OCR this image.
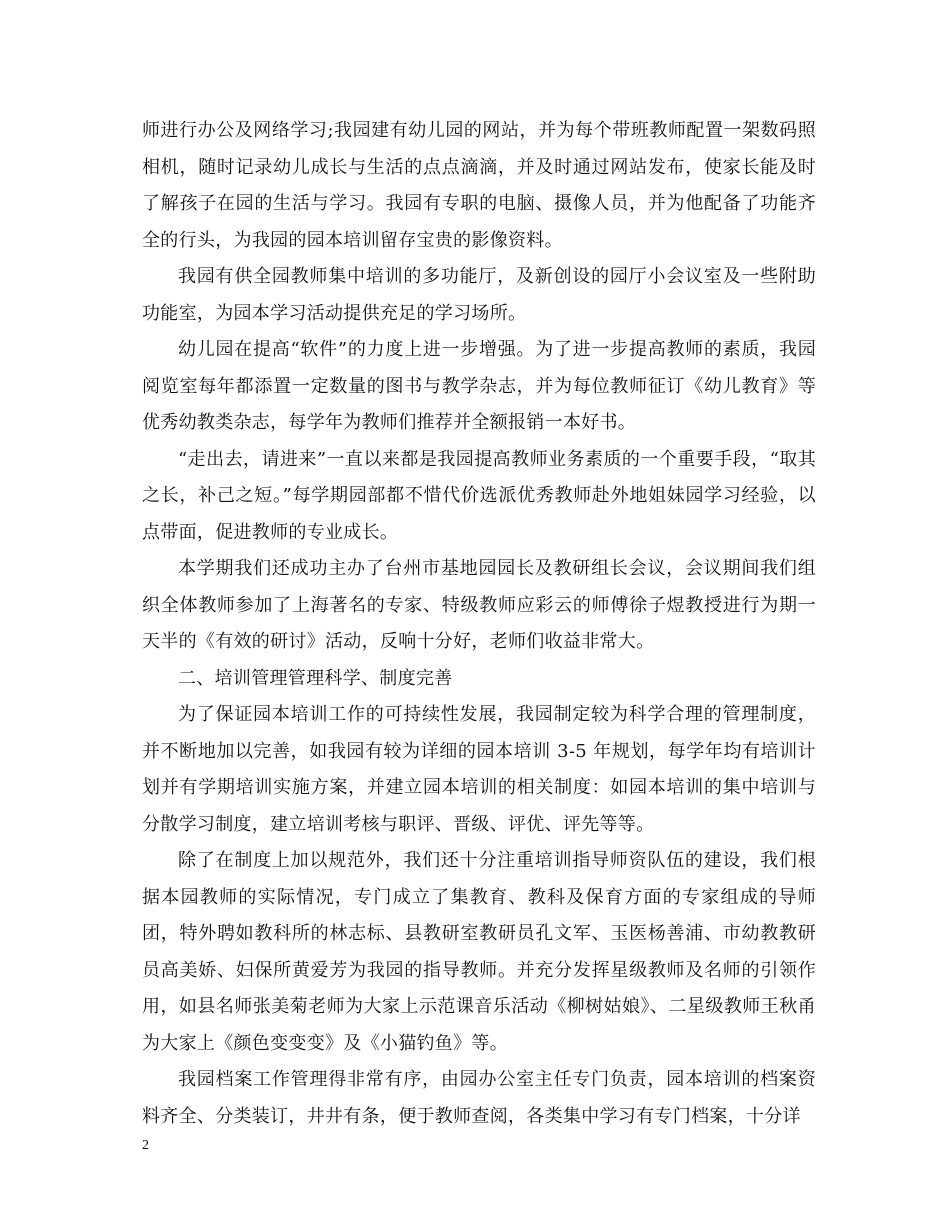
师进行办公及网络学习;我园建有幼儿园的网站，并为每个带班教师配置一架数码照相机，随时记录幼儿成长与生活的点点滴滴，并及时通过网站发布，使家长能及时了解孩子在园的生活与学习。我园有专职的电脑、摄像人员，并为他配备了功能齐全的行头，为我园的园本培训留存宝贵的影像资料。

我园有供全园教师集中培训的多功能厅，及新创设的园厅小会议室及一些附助功能室，为园本学习活动提供充足的学习场所。

幼儿园在提高“软件”的力度上进一步增强。为了进一步提高教师的素质，我园阅览室每年都添置一定数量的图书与教学杂志，并为每位教师征订《幼儿教育》等优秀幼教类杂志，每学年为教师们推荐并全额报销一本好书。

“走出去，请进来”一直以来都是我园提高教师业务素质的一个重要手段，“取其之长，补己之短。”每学期园部都不惜代价选派优秀教师赴外地姐妹园学习经验，以点带面，促进教师的专业成长。

本学期我们还成功主办了台州市基地园园长及教研组长会议，会议期间我们组织全体教师参加了上海著名的专家、特级教师应彩云的师傅徐子煜教授进行为期一天半的《有效的研讨》活动，反响十分好，老师们收益非常大。

二、培训管理管理科学、制度完善

为了保证园本培训工作的可持续性发展，我园制定较为科学合理的管理制度，并不断地加以完善，如我园有较为详细的园本培训 3-5 年规划，每学年均有培训计划并有学期培训实施方案，并建立园本培训的相关制度：如园本培训的集中培训与分散学习制度，建立培训考核与职评、晋级、评优、评先等等。

除了在制度上加以规范外，我们还十分注重培训指导师资队伍的建设，我们根据本园教师的实际情况，专门成立了集教育、教科及保育方面的专家组成的导师团，特外聘如教科所的林志标、县教研室教研员孔文军、玉医杨善浦、市幼教教研员高美娇、妇保所黄爱芳为我园的指导教师。并充分发挥星级教师及名师的引领作用，如县名师张美菊老师为大家上示范课音乐活动《柳树姑娘》、二星级教师王秋甬为大家上《颜色变变变》及《小猫钓鱼》等。

我园档案工作管理得非常有序，由园办公室主任专门负责，园本培训的档案资料齐全、分类装订，井井有条，便于教师查阅，各类集中学习有专门档案，十分详

2
